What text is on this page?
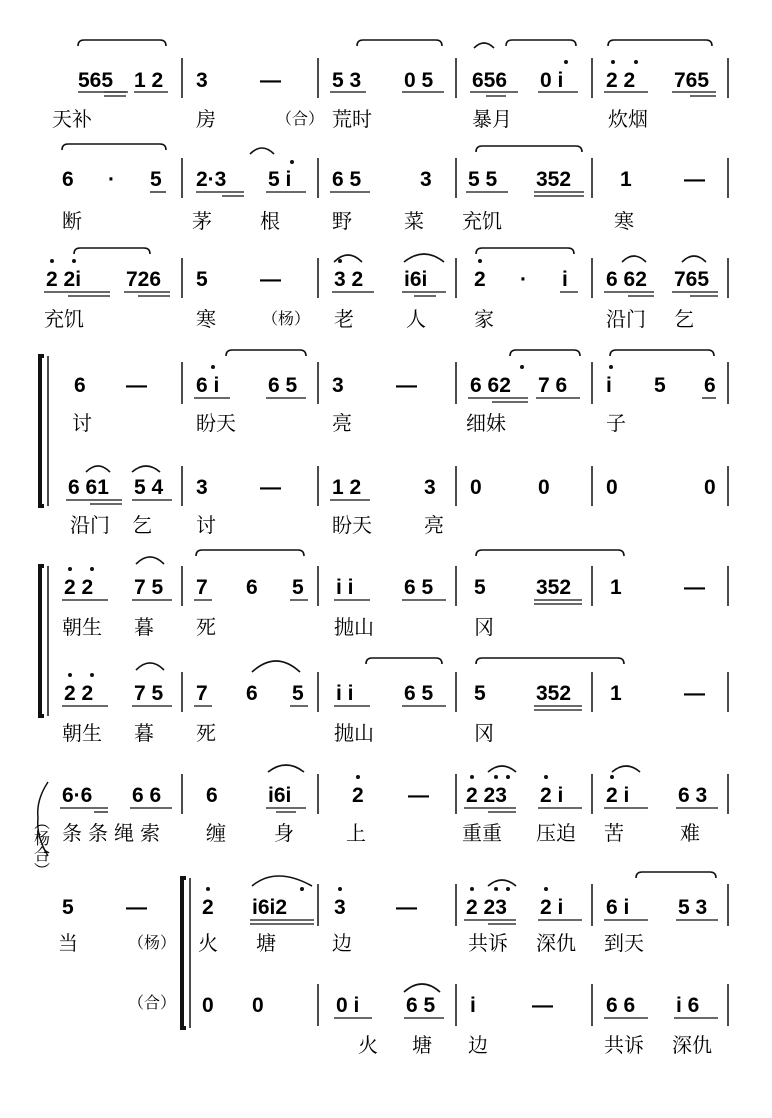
565 1 2 3 — 5 3 0 5 656 0 i 2 2 765
天补	房	（合） 荒时	暴月	炊烟
6 · 5 2·3 5 i 6 5	3 5 5 352 1 —
断	茅 根	野	菜 充饥	寒
2 2i 726 5 —	3 2 i6i 2 · i 6 62 765
充饥	寒	（杨） 老	人 家	沿门 乞
6 — 6 i 6 5 3 —	6 62 7 6 i 5 6
讨	盼天	亮	细妹	子
6 61 5 4 3 — 1 2	3 0	0	0	0
沿门 乞 讨	盼天	亮
2 2 7 5 7 6 5 i i 6 5 5 352 1	—
朝生 暮 死	抛山	冈
2 2 7 5 7 6 5 i i 6 5 5 352 1	—
朝生 暮 死	抛山	冈
（杨合）
6·6 6 6 6 i6i	2 — 2 23 2 i 2 i 6 3
条条绳索 缠 身	上	重重 压迫 苦	难
5 —	2 i6i2 3 — 2 23 2 i 6 i 5 3
当	（杨） 火 塘	边	共诉 深仇 到天
（合） 0 0	0 i 6 5 i	—	6 6 i 6
火 塘 边	共诉 深仇
